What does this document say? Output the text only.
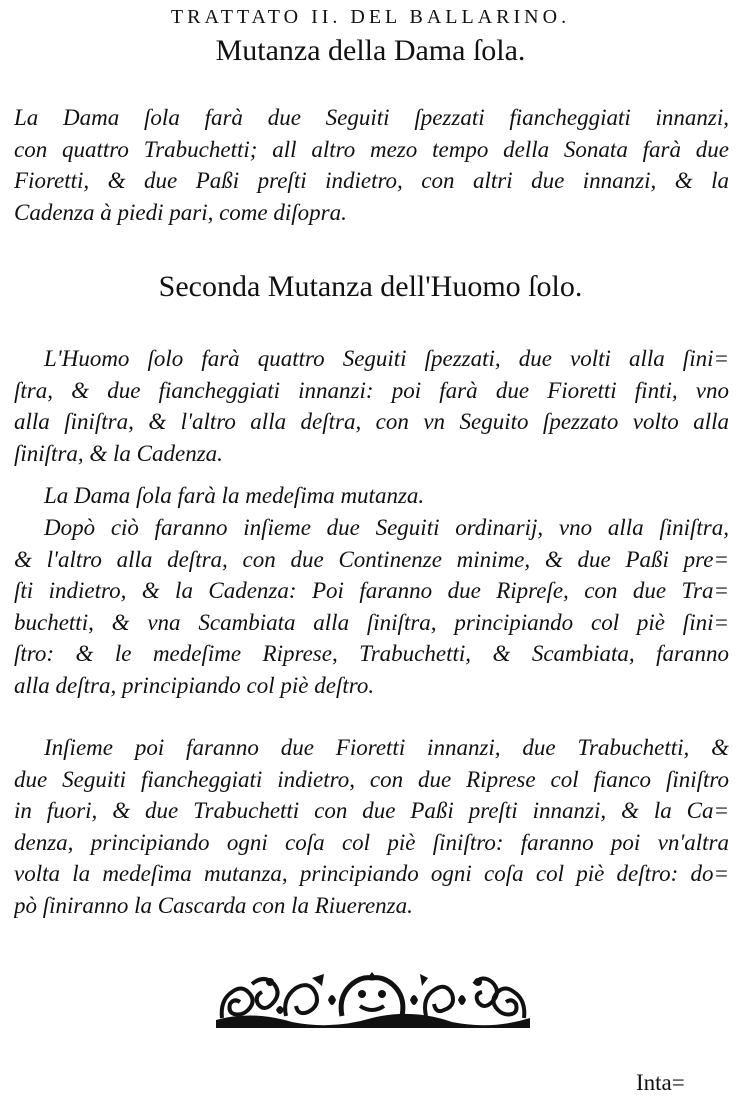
TRATTATO II. DEL BALLARINO.
Mutanza della Dama ſola.
La Dama ſola farà due Seguiti ſpezzati fiancheggiati innanzi,
con quattro Trabuchetti; all altro mezo tempo della Sonata farà due
Fioretti, & due Paßi preſti indietro, con altri due innanzi, & la
Cadenza à piedi pari, come diſopra.
Seconda Mutanza dell'Huomo ſolo.
L'Huomo ſolo farà quattro Seguiti ſpezzati, due volti alla ſini=
ſtra, & due fiancheggiati innanzi: poi farà due Fioretti finti, vno
alla ſiniſtra, & l'altro alla deſtra, con vn Seguito ſpezzato volto alla
ſiniſtra, & la Cadenza.
La Dama ſola farà la medeſima mutanza.
Dopò ciò faranno inſieme due Seguiti ordinarij, vno alla ſiniſtra,
& l'altro alla deſtra, con due Continenze minime, & due Paßi pre=
ſti indietro, & la Cadenza: Poi faranno due Ripreſe, con due Tra=
buchetti, & vna Scambiata alla ſiniſtra, principiando col piè ſini=
ſtro: & le medeſime Riprese, Trabuchetti, & Scambiata, faranno
alla deſtra, principiando col piè deſtro.
Inſieme poi faranno due Fioretti innanzi, due Trabuchetti, &
due Seguiti fiancheggiati indietro, con due Riprese col fianco ſiniſtro
in fuori, & due Trabuchetti con due Paßi preſti innanzi, & la Ca=
denza, principiando ogni coſa col piè ſiniſtro: faranno poi vn'altra
volta la medeſima mutanza, principiando ogni coſa col piè deſtro: do=
pò ſiniranno la Cascarda con la Riuerenza.
Inta=
